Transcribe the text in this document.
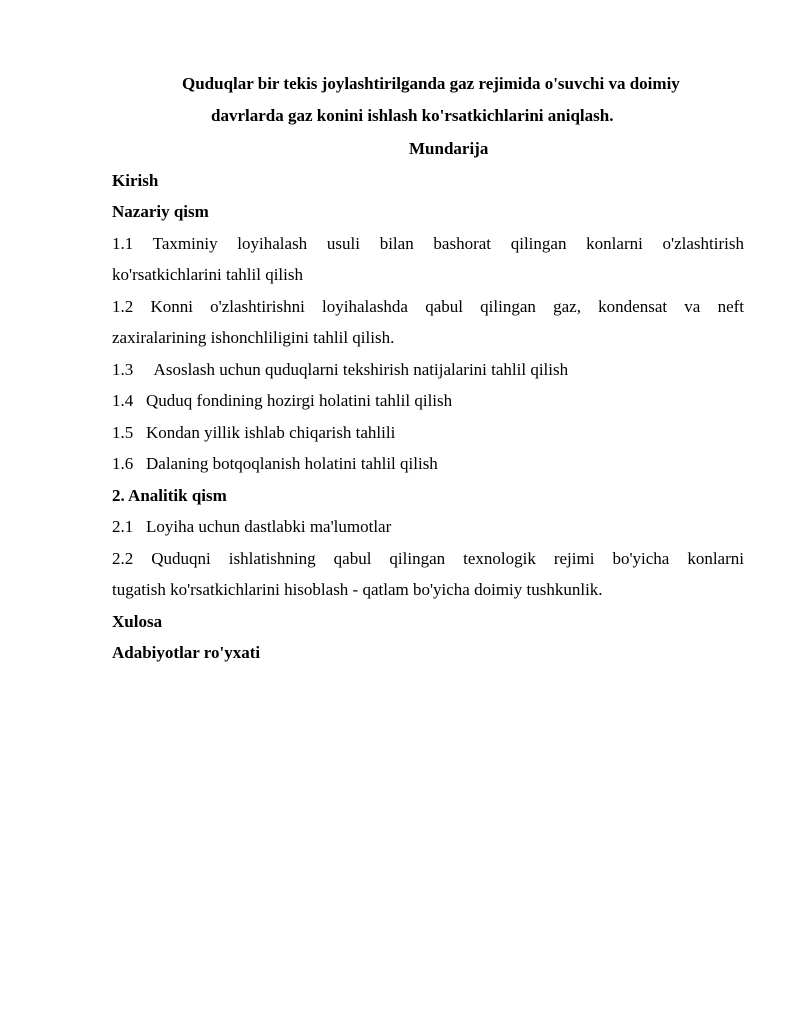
Quduqlar bir tekis joylashtirilganda gaz rejimida o'suvchi va doimiy
davrlarda gaz konini ishlash ko'rsatkichlarini aniqlash.
Mundarija
Kirish
Nazariy qism
1.1 Taxminiy loyihalash usuli bilan bashorat qilingan konlarni o'zlashtirish
ko'rsatkichlarini tahlil qilish
1.2 Konni o'zlashtirishni loyihalashda qabul qilingan gaz, kondensat va neft
zaxiralarining ishonchliligini tahlil qilish.
1.3     Asoslash uchun quduqlarni tekshirish natijalarini tahlil qilish
1.4   Quduq fondining hozirgi holatini tahlil qilish
1.5   Kondan yillik ishlab chiqarish tahlili
1.6   Dalaning botqoqlanish holatini tahlil qilish
2. Analitik qism
2.1   Loyiha uchun dastlabki ma'lumotlar
2.2 Quduqni ishlatishning qabul qilingan texnologik rejimi bo'yicha konlarni
tugatish ko'rsatkichlarini hisoblash - qatlam bo'yicha doimiy tushkunlik.
Xulosa
Adabiyotlar ro'yxati
